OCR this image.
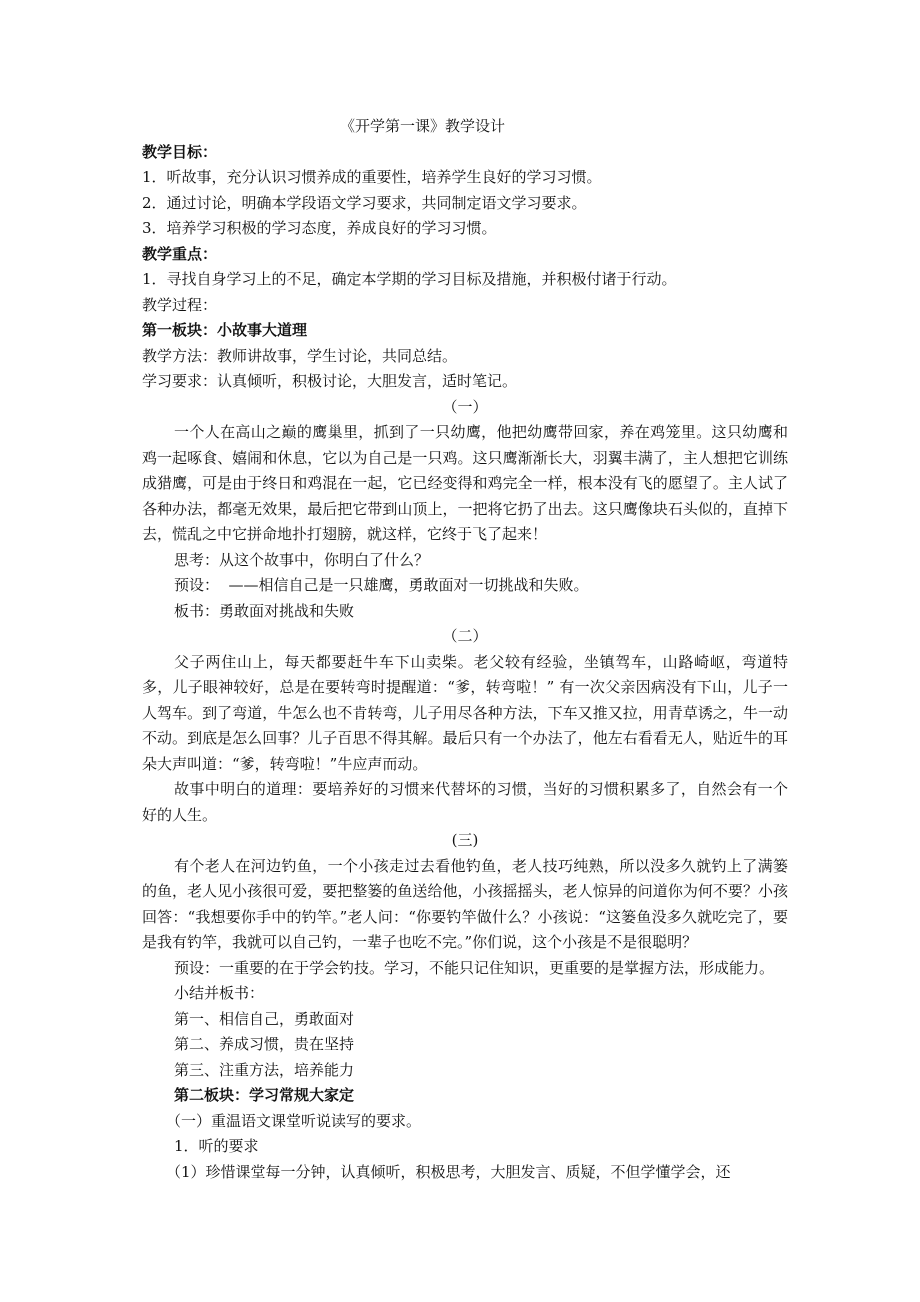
《开学第一课》教学设计

教学目标：

1．听故事，充分认识习惯养成的重要性，培养学生良好的学习习惯。

2．通过讨论，明确本学段语文学习要求，共同制定语文学习要求。

3．培养学习积极的学习态度，养成良好的学习习惯。

教学重点：

1．寻找自身学习上的不足，确定本学期的学习目标及措施，并积极付诸于行动。

教学过程：

第一板块：小故事大道理

教学方法：教师讲故事，学生讨论，共同总结。

学习要求：认真倾听，积极讨论，大胆发言，适时笔记。

（一）

一个人在高山之巅的鹰巢里，抓到了一只幼鹰，他把幼鹰带回家，养在鸡笼里。这只幼鹰和鸡一起啄食、嬉闹和休息，它以为自己是一只鸡。这只鹰渐渐长大，羽翼丰满了，主人想把它训练成猎鹰，可是由于终日和鸡混在一起，它已经变得和鸡完全一样，根本没有飞的愿望了。主人试了各种办法，都毫无效果，最后把它带到山顶上，一把将它扔了出去。这只鹰像块石头似的，直掉下去，慌乱之中它拼命地扑打翅膀，就这样，它终于飞了起来！

思考：从这个故事中，你明白了什么？

预设：  ——相信自己是一只雄鹰，勇敢面对一切挑战和失败。

板书：勇敢面对挑战和失败

（二）

父子两住山上，每天都要赶牛车下山卖柴。老父较有经验，坐镇驾车，山路崎岖，弯道特多，儿子眼神较好，总是在要转弯时提醒道：“爹，转弯啦！” 有一次父亲因病没有下山，儿子一人驾车。到了弯道，牛怎么也不肯转弯，儿子用尽各种方法，下车又推又拉，用青草诱之，牛一动不动。到底是怎么回事？儿子百思不得其解。最后只有一个办法了，他左右看看无人，贴近牛的耳朵大声叫道：“爹，转弯啦！”牛应声而动。

故事中明白的道理：要培养好的习惯来代替坏的习惯，当好的习惯积累多了，自然会有一个好的人生。

(三)

有个老人在河边钓鱼，一个小孩走过去看他钓鱼，老人技巧纯熟，所以没多久就钓上了满篓的鱼，老人见小孩很可爱，要把整篓的鱼送给他，小孩摇摇头，老人惊异的问道你为何不要？小孩回答：“我想要你手中的钓竿。”老人问：“你要钓竿做什么？小孩说：“这篓鱼没多久就吃完了，要是我有钓竿，我就可以自己钓，一辈子也吃不完。”你们说，这个小孩是不是很聪明？

预设：一重要的在于学会钓技。学习，不能只记住知识，更重要的是掌握方法，形成能力。

小结并板书：

第一、相信自己，勇敢面对

第二、养成习惯，贵在坚持

第三、注重方法，培养能力

第二板块：学习常规大家定

（一）重温语文课堂听说读写的要求。

1．听的要求

（1）珍惜课堂每一分钟，认真倾听，积极思考，大胆发言、质疑，不但学懂学会，还
